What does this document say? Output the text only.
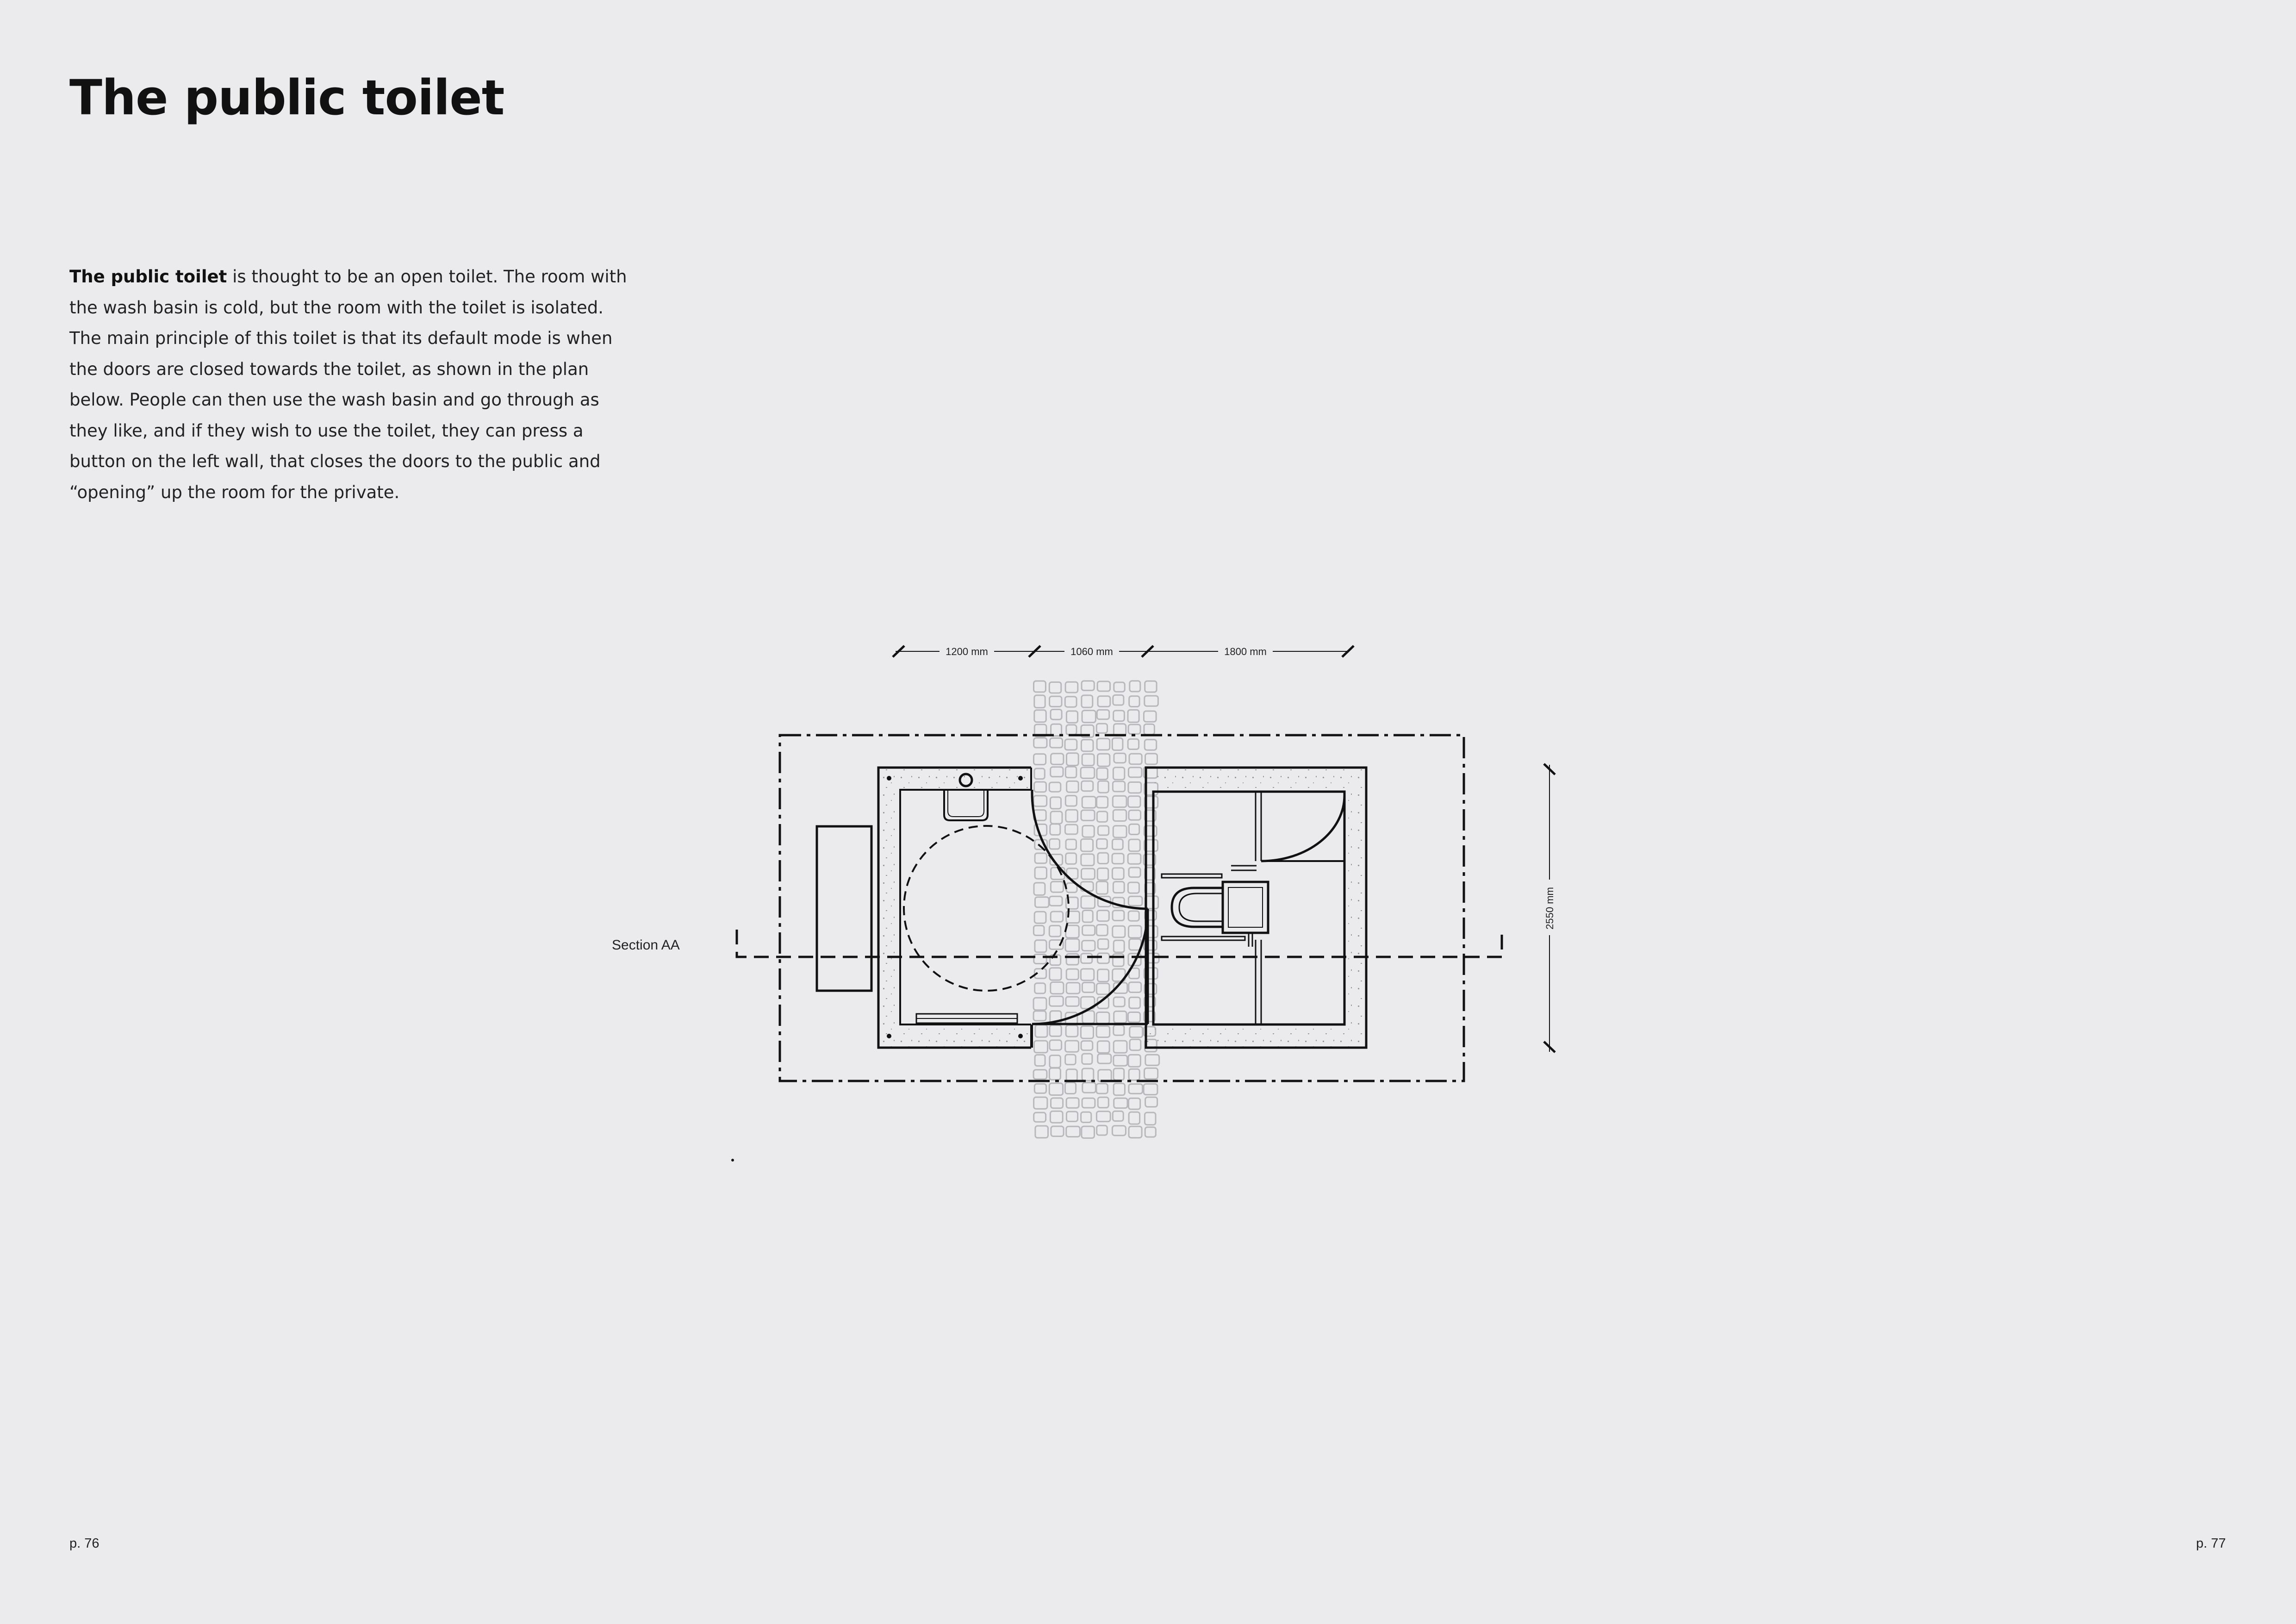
The public toilet

The public toilet is thought to be an open toilet. The room with the wash basin is cold, but the room with the toilet is isolated. The main principle of this toilet is that its default mode is when the doors are closed towards the toilet, as shown in the plan below. People can then use the wash basin and go through as they like, and if they wish to use the toilet, they can press a button on the left wall, that closes the doors to the public and “opening” up the room for the private.

Section AA
1200 mm	1060 mm	1800 mm
2550 mm
p. 76	p. 77
